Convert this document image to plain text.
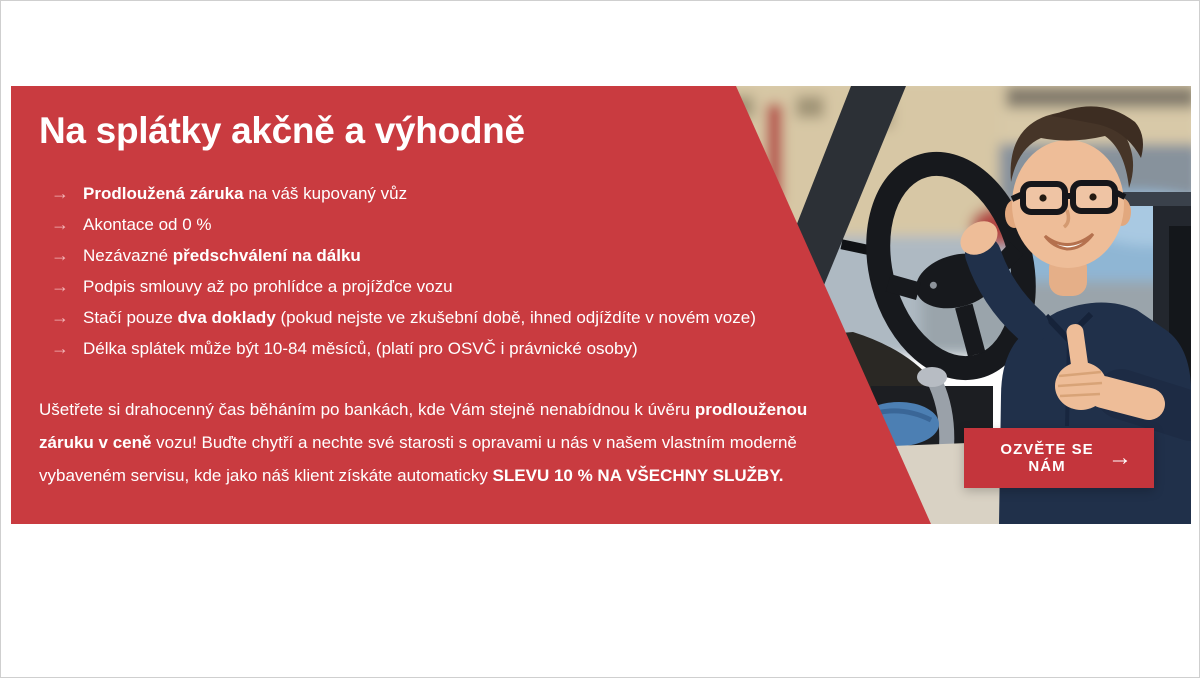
Na splátky akčně a výhodně
→ Prodloužená záruka na váš kupovaný vůz
→ Akontace od 0 %
→ Nezávazné předschválení na dálku
→ Podpis smlouvy až po prohlídce a projížďce vozu
→ Stačí pouze dva doklady (pokud nejste ve zkušební době, ihned odjíždíte v novém voze)
→ Délka splátek může být 10-84 měsíců, (platí pro OSVČ i právnické osoby)

Ušetřete si drahocenný čas běháním po bankách, kde Vám stejně nenabídnou k úvěru prodlouženou záruku v ceně vozu! Buďte chytří a nechte své starosti s opravami u nás v našem vlastním moderně vybaveném servisu, kde jako náš klient získáte automaticky SLEVU 10 % NA VŠECHNY SLUŽBY.

OZVĚTE SE NÁM	→
